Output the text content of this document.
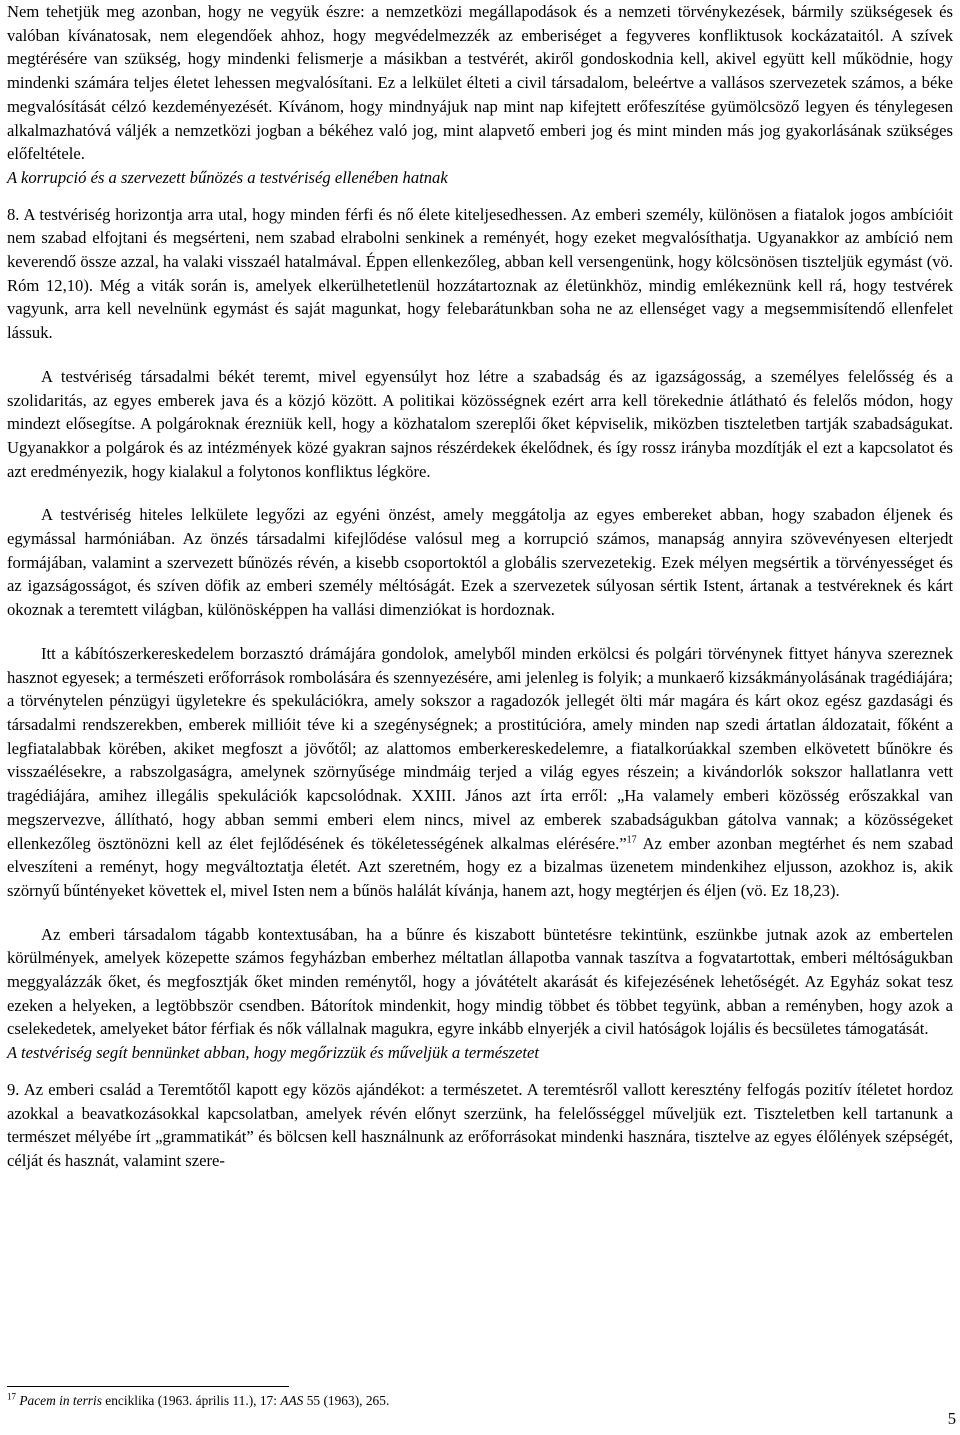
Nem tehetjük meg azonban, hogy ne vegyük észre: a nemzetközi megállapodások és a nemzeti törvénykezések, bármily szükségesek és valóban kívánatosak, nem elegendőek ahhoz, hogy megvédelmezzék az emberiséget a fegyveres konfliktusok kockázataitól. A szívek megtérésére van szükség, hogy mindenki felismerje a másikban a testvérét, akiről gondoskodnia kell, akivel együtt kell működnie, hogy mindenki számára teljes életet lehessen megvalósítani. Ez a lelkület élteti a civil társadalom, beleértve a vallásos szervezetek számos, a béke megvalósítását célzó kezdeményezését. Kívánom, hogy mindnyájuk nap mint nap kifejtett erőfeszítése gyümölcsöző legyen és ténylegesen alkalmazhatóvá váljék a nemzetközi jogban a békéhez való jog, mint alapvető emberi jog és mint minden más jog gyakorlásának szükséges előfeltétele.

A korrupció és a szervezett bűnözés a testvériség ellenében hatnak

8. A testvériség horizontja arra utal, hogy minden férfi és nő élete kiteljesedhessen. Az emberi személy, különösen a fiatalok jogos ambícióit nem szabad elfojtani és megsérteni, nem szabad elrabolni senkinek a reményét, hogy ezeket megvalósíthatja. Ugyanakkor az ambíció nem keverendő össze azzal, ha valaki visszaél hatalmával. Éppen ellenkezőleg, abban kell versengenünk, hogy kölcsönösen tiszteljük egymást (vö. Róm 12,10). Még a viták során is, amelyek elkerülhetetlenül hozzátartoznak az életünkhöz, mindig emlékeznünk kell rá, hogy testvérek vagyunk, arra kell nevelnünk egymást és saját magunkat, hogy felebarátunkban soha ne az ellenséget vagy a megsemmisítendő ellenfelet lássuk.

A testvériség társadalmi békét teremt, mivel egyensúlyt hoz létre a szabadság és az igazságosság, a személyes felelősség és a szolidaritás, az egyes emberek java és a közjó között. A politikai közösségnek ezért arra kell törekednie átlátható és felelős módon, hogy mindezt elősegítse. A polgároknak érezniük kell, hogy a közhatalom szereplői őket képviselik, miközben tiszteletben tartják szabadságukat. Ugyanakkor a polgárok és az intézmények közé gyakran sajnos részérdekek ékelődnek, és így rossz irányba mozdítják el ezt a kapcsolatot és azt eredményezik, hogy kialakul a folytonos konfliktus légköre.

A testvériség hiteles lelkülete legyőzi az egyéni önzést, amely meggátolja az egyes embereket abban, hogy szabadon éljenek és egymással harmóniában. Az önzés társadalmi kifejlődése valósul meg a korrupció számos, manapság annyira szövevényesen elterjedt formájában, valamint a szervezett bűnözés révén, a kisebb csoportoktól a globális szervezetekig. Ezek mélyen megsértik a törvényességet és az igazságosságot, és szíven döfik az emberi személy méltóságát. Ezek a szervezetek súlyosan sértik Istent, ártanak a testvéreknek és kárt okoznak a teremtett világban, különösképpen ha vallási dimenziókat is hordoznak.

Itt a kábítószerkereskedelem borzasztó drámájára gondolok, amelyből minden erkölcsi és polgári törvénynek fittyet hányva szereznek hasznot egyesek; a természeti erőforrások rombolására és szennyezésére, ami jelenleg is folyik; a munkaerő kizsákmányolásának tragédiájára; a törvénytelen pénzügyi ügyletekre és spekulációkra, amely sokszor a ragadozók jellegét ölti már magára és kárt okoz egész gazdasági és társadalmi rendszerekben, emberek millióit téve ki a szegénységnek; a prostitúcióra, amely minden nap szedi ártatlan áldozatait, főként a legfiatalabbak körében, akiket megfoszt a jövőtől; az alattomos emberkereskedelemre, a fiatalkorúakkal szemben elkövetett bűnökre és visszaélésekre, a rabszolgaságra, amelynek szörnyűsége mindmáig terjed a világ egyes részein; a kivándorlók sokszor hallatlanra vett tragédiájára, amihez illegális spekulációk kapcsolódnak. XXIII. János azt írta erről: „Ha valamely emberi közösség erőszakkal van megszervezve, állítható, hogy abban semmi emberi elem nincs, mivel az emberek szabadságukban gátolva vannak; a közösségeket ellenkezőleg ösztönözni kell az élet fejlődésének és tökéletességének alkalmas elérésére.”$^{17}$ Az ember azonban megtérhet és nem szabad elveszíteni a reményt, hogy megváltoztatja életét. Azt szeretném, hogy ez a bizalmas üzenetem mindenkihez eljusson, azokhoz is, akik szörnyű bűntényeket követtek el, mivel Isten nem a bűnös halálát kívánja, hanem azt, hogy megtérjen és éljen (vö. Ez 18,23).

Az emberi társadalom tágabb kontextusában, ha a bűnre és kiszabott büntetésre tekintünk, eszünkbe jutnak azok az embertelen körülmények, amelyek közepette számos fegyházban emberhez méltatlan állapotba vannak taszítva a fogvatartottak, emberi méltóságukban meggyalázzák őket, és megfosztják őket minden reménytől, hogy a jóvátételt akarását és kifejezésének lehetőségét. Az Egyház sokat tesz ezeken a helyeken, a legtöbbször csendben. Bátorítok mindenkit, hogy mindig többet és többet tegyünk, abban a reményben, hogy azok a cselekedetek, amelyeket bátor férfiak és nők vállalnak magukra, egyre inkább elnyerjék a civil hatóságok lojális és becsületes támogatását.

A testvériség segít bennünket abban, hogy megőrizzük és műveljük a természetet

9. Az emberi család a Teremtőtől kapott egy közös ajándékot: a természetet. A teremtésről vallott keresztény felfogás pozitív ítéletet hordoz azokkal a beavatkozásokkal kapcsolatban, amelyek révén előnyt szerzünk, ha felelősséggel műveljük ezt. Tiszteletben kell tartanunk a természet mélyébe írt „grammatikát” és bölcsen kell használnunk az erőforrásokat mindenki hasznára, tisztelve az egyes élőlények szépségét, célját és hasznát, valamint szere-

$^{17}$ Pacem in terris enciklika (1963. április 11.), 17: AAS 55 (1963), 265.

5
